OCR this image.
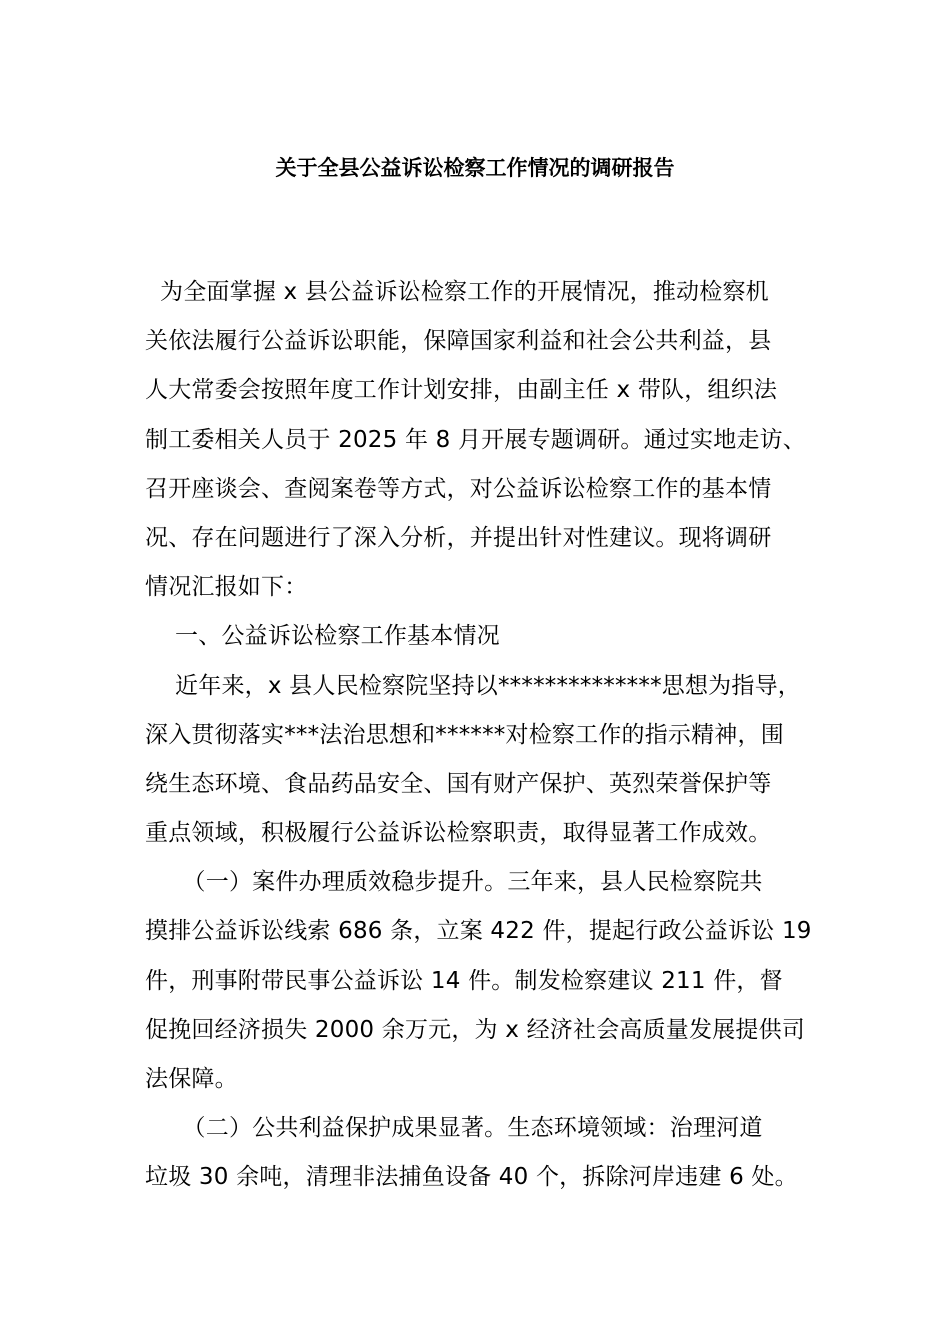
关于全县公益诉讼检察工作情况的调研报告
为全面掌握 x 县公益诉讼检察工作的开展情况，推动检察机
关依法履行公益诉讼职能，保障国家利益和社会公共利益，县
人大常委会按照年度工作计划安排，由副主任 x 带队，组织法
制工委相关人员于 2025 年 8 月开展专题调研。通过实地走访、
召开座谈会、查阅案卷等方式，对公益诉讼检察工作的基本情
况、存在问题进行了深入分析，并提出针对性建议。现将调研
情况汇报如下：
一、公益诉讼检察工作基本情况
近年来，x 县人民检察院坚持以**************思想为指导，
深入贯彻落实***法治思想和******对检察工作的指示精神，围
绕生态环境、食品药品安全、国有财产保护、英烈荣誉保护等
重点领域，积极履行公益诉讼检察职责，取得显著工作成效。
（一）案件办理质效稳步提升。三年来，县人民检察院共
摸排公益诉讼线索 686 条，立案 422 件，提起行政公益诉讼 19
件，刑事附带民事公益诉讼 14 件。制发检察建议 211 件，督
促挽回经济损失 2000 余万元，为 x 经济社会高质量发展提供司
法保障。
（二）公共利益保护成果显著。生态环境领域：治理河道
垃圾 30 余吨，清理非法捕鱼设备 40 个，拆除河岸违建 6 处。
